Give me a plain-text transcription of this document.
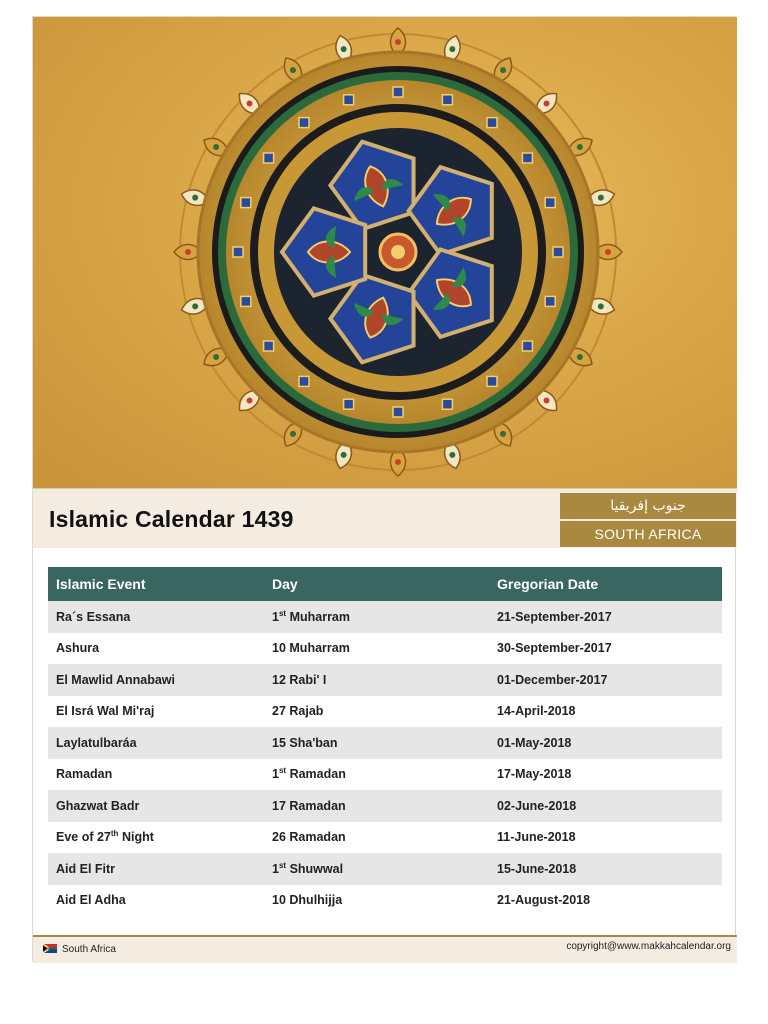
Islamic Calendar 1439	جنوب إفريقيا
SOUTH AFRICA
Islamic Event	Day	Gregorian Date
Ra´s Essana	1st Muharram	21-September-2017
Ashura	10 Muharram	30-September-2017
El Mawlid Annabawi	12 Rabi' I	01-December-2017
El Isrá Wal Mi'raj	27 Rajab	14-April-2018
Laylatulbaráa	15 Sha'ban	01-May-2018
Ramadan	1st Ramadan	17-May-2018
Ghazwat Badr	17 Ramadan	02-June-2018
Eve of 27th Night	26 Ramadan	11-June-2018
Aid El Fitr	1st Shuwwal	15-June-2018
Aid El Adha	10 Dhulhijja	21-August-2018
South Africa	copyright@www.makkahcalendar.org
